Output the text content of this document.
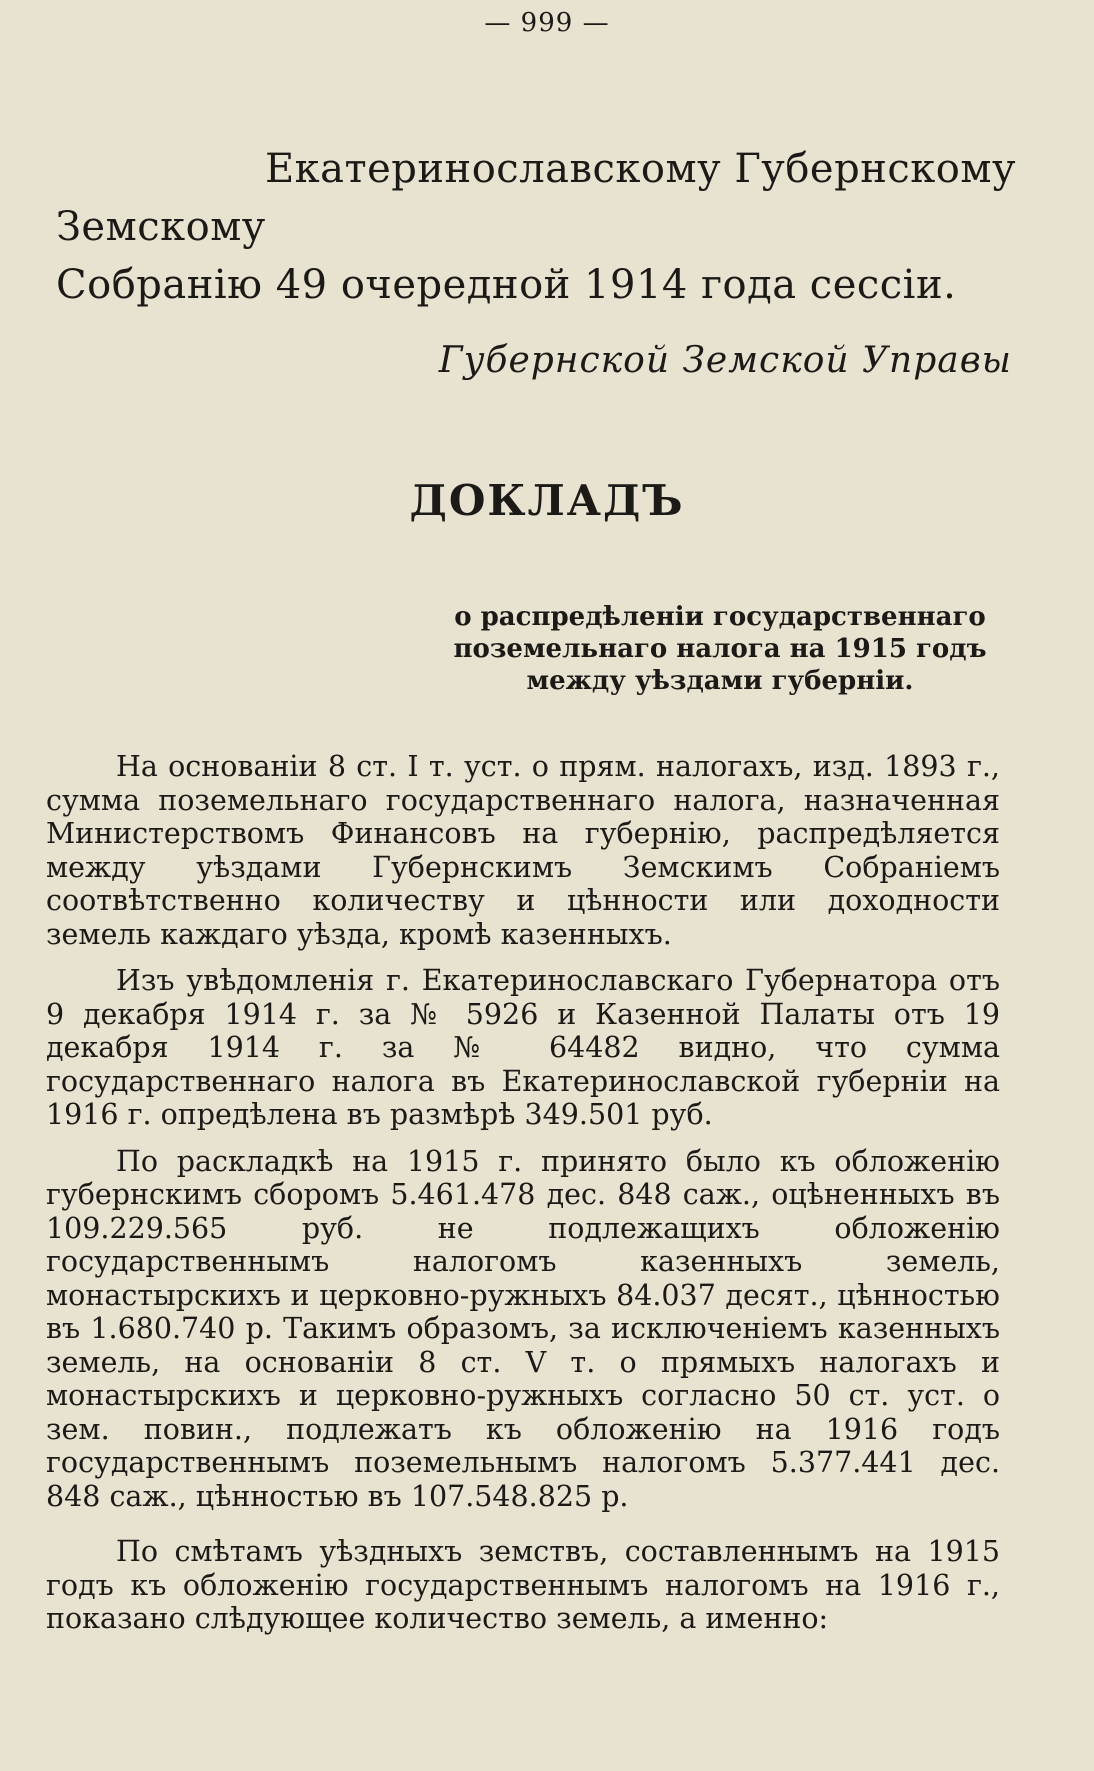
— 999 —
Екатеринославскому Губернскому Земскому
Собранію 49 очередной 1914 года сессіи.
Губернской Земской Управы
ДОКЛАДЪ
о распредѣленіи государственнаго поземельнаго налога на 1915 годъ между уѣздами губерніи.

На основаніи 8 ст. I т. уст. о прям. налогахъ, изд. 1893 г., сумма поземельнаго государственнаго налога, назначенная Министерствомъ Финансовъ на губернію, распредѣляется между уѣздами Губернскимъ Земскимъ Собраніемъ соотвѣтственно количеству и цѣнности или доходности земель каждаго уѣзда, кромѣ казенныхъ.

Изъ увѣдомленія г. Екатеринославскаго Губернатора отъ 9 декабря 1914 г. за № 5926 и Казенной Палаты отъ 19 декабря 1914 г. за № 64482 видно, что сумма государственнаго налога въ Екатеринославской губерніи на 1916 г. опредѣлена въ размѣрѣ 349.501 руб.

По раскладкѣ на 1915 г. принято было къ обложенію губернскимъ сборомъ 5.461.478 дес. 848 саж., оцѣненныхъ въ 109.229.565 руб. не подлежащихъ обложенію государственнымъ налогомъ казенныхъ земель, монастырскихъ и церковно-ружныхъ 84.037 десят., цѣнностью въ 1.680.740 р. Такимъ образомъ, за исключеніемъ казенныхъ земель, на основаніи 8 ст. V т. о прямыхъ налогахъ и монастырскихъ и церковно-ружныхъ согласно 50 ст. уст. о зем. повин., подлежатъ къ обложенію на 1916 годъ государственнымъ поземельнымъ налогомъ 5.377.441 дес. 848 саж., цѣнностью въ 107.548.825 р.

По смѣтамъ уѣздныхъ земствъ, составленнымъ на 1915 годъ къ обложенію государственнымъ налогомъ на 1916 г., показано слѣдующее количество земель, а именно:
